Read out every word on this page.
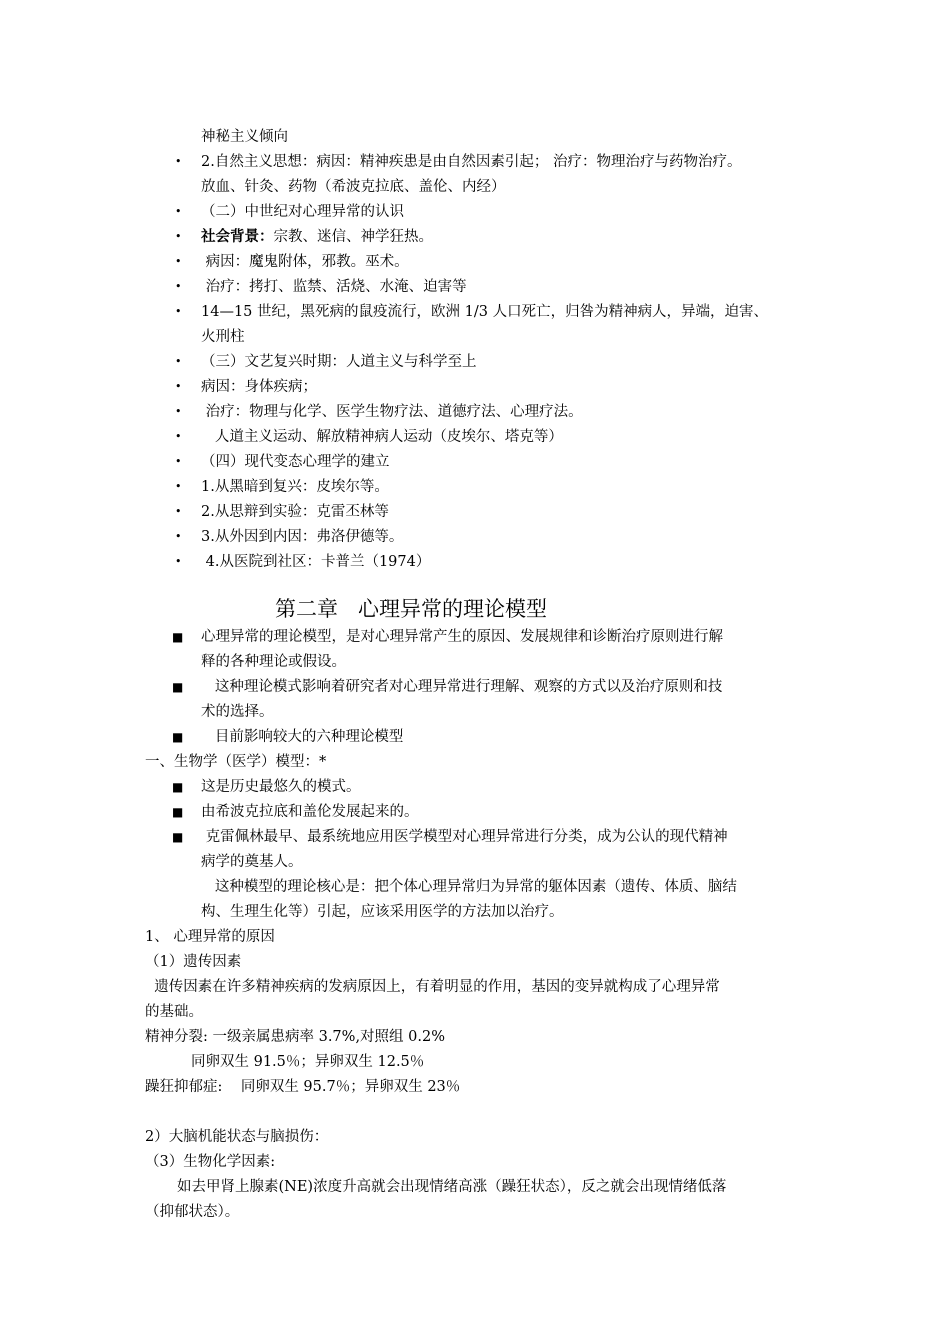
神秘主义倾向
• 2.自然主义思想：病因：精神疾患是由自然因素引起； 治疗：物理治疗与药物治疗。
放血、针灸、药物（希波克拉底、盖伦、内经）
• （二）中世纪对心理异常的认识
• 社会背景：宗教、迷信、神学狂热。
• 病因：魔鬼附体，邪教。巫术。
• 治疗：拷打、监禁、活烧、水淹、迫害等
• 14—15 世纪，黑死病的鼠疫流行，欧洲 1/3 人口死亡，归咎为精神病人，异端，迫害、
火刑柱
• （三）文艺复兴时期：人道主义与科学至上
• 病因：身体疾病；
• 治疗：物理与化学、医学生物疗法、道德疗法、心理疗法。
• 人道主义运动、解放精神病人运动（皮埃尔、塔克等）
• （四）现代变态心理学的建立
• 1.从黑暗到复兴：皮埃尔等。
• 2.从思辩到实验：克雷丕林等
• 3.从外因到内因：弗洛伊德等。
• 4.从医院到社区：卡普兰（1974）
第二章   心理异常的理论模型
■ 心理异常的理论模型，是对心理异常产生的原因、发展规律和诊断治疗原则进行解
释的各种理论或假设。
■ 这种理论模式影响着研究者对心理异常进行理解、观察的方式以及治疗原则和技
术的选择。
■ 目前影响较大的六种理论模型
一、生物学（医学）模型：*
■ 这是历史最悠久的模式。
■ 由希波克拉底和盖伦发展起来的。
■ 克雷佩林最早、最系统地应用医学模型对心理异常进行分类，成为公认的现代精神
病学的奠基人。
这种模型的理论核心是：把个体心理异常归为异常的躯体因素（遗传、体质、脑结
构、生理生化等）引起，应该采用医学的方法加以治疗。
1、 心理异常的原因
（1）遗传因素
遗传因素在许多精神疾病的发病原因上，有着明显的作用，基因的变异就构成了心理异常
的基础。
精神分裂: 一级亲属患病率 3.7%,对照组 0.2%
同卵双生 91.5％；异卵双生 12.5％
躁狂抑郁症:    同卵双生 95.7％；异卵双生 23％
2）大脑机能状态与脑损伤：
（3）生物化学因素:
如去甲肾上腺素(NE)浓度升高就会出现情绪高涨（躁狂状态），反之就会出现情绪低落
（抑郁状态）。
